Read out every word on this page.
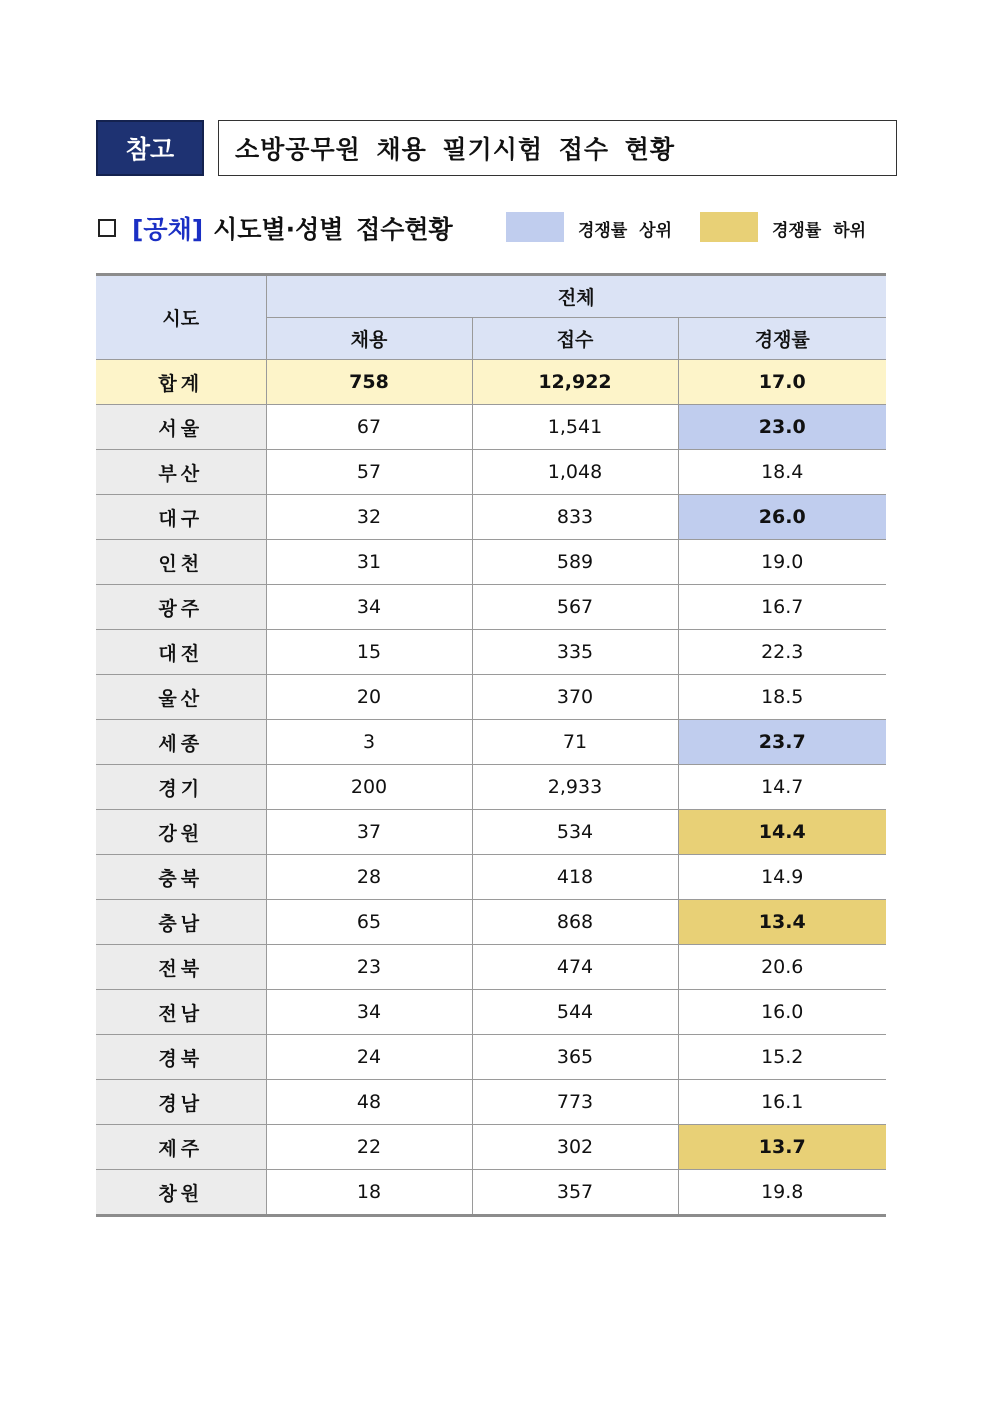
참고	소방공무원 채용 필기시험 접수 현황
[공채] 시도별·성별 접수현황	경쟁률 상위	경쟁률 하위
시도	전체		
	채용	접수	경쟁률
합계	758	12,922	17.0
서울	67	1,541	23.0
부산	57	1,048	18.4
대구	32	833	26.0
인천	31	589	19.0
광주	34	567	16.7
대전	15	335	22.3
울산	20	370	18.5
세종	3	71	23.7
경기	200	2,933	14.7
강원	37	534	14.4
충북	28	418	14.9
충남	65	868	13.4
전북	23	474	20.6
전남	34	544	16.0
경북	24	365	15.2
경남	48	773	16.1
제주	22	302	13.7
창원	18	357	19.8
